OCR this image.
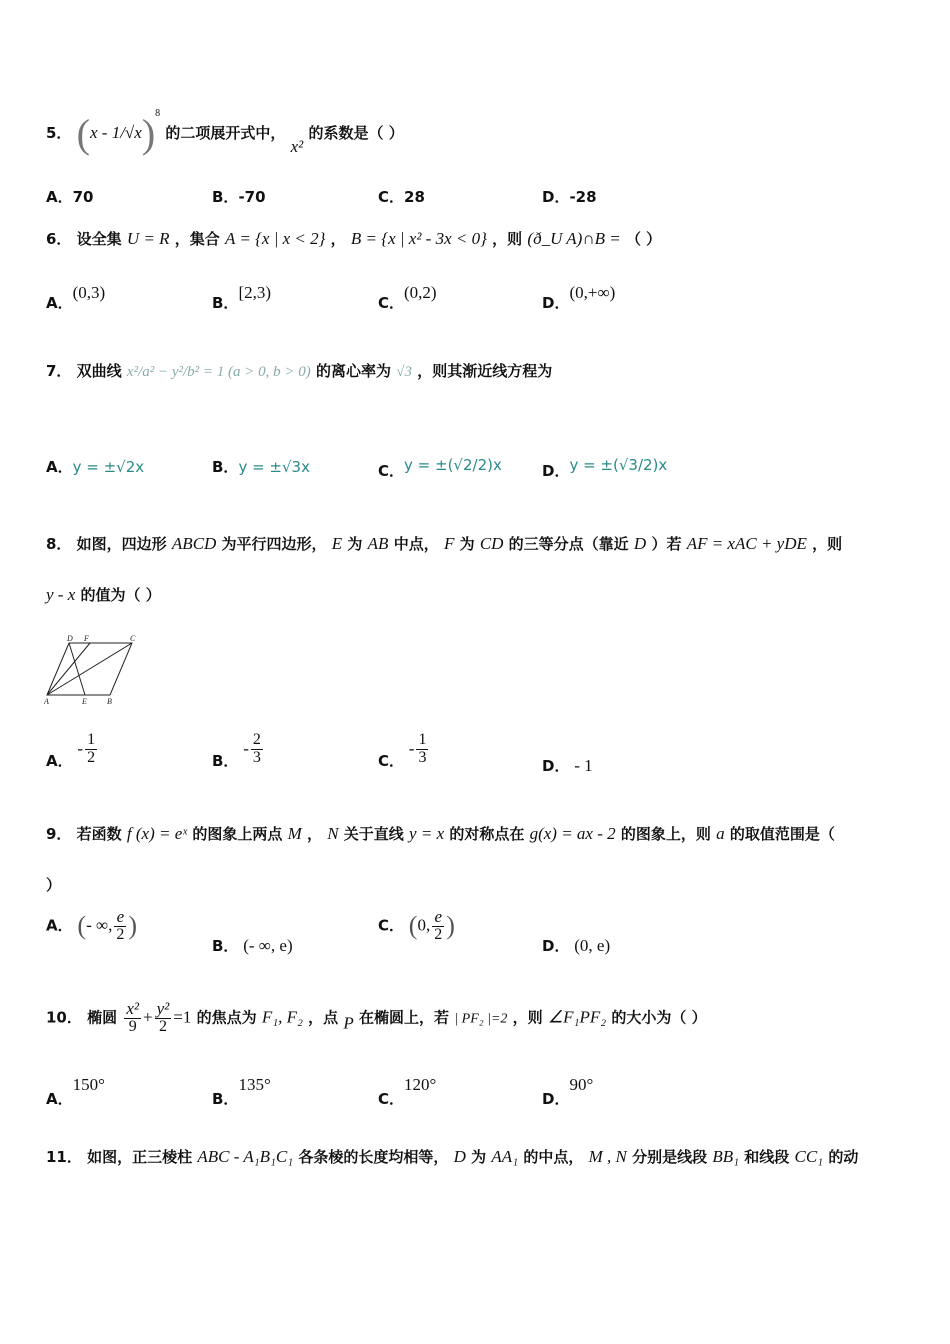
5． (x - 1/√x)$^8$ 的二项展开式中， x² 的系数是（ ）
A．70	B．-70	C．28	D．-28
6． 设全集 U = R ，集合 A = {x | x < 2} ， B = {x | x² - 3x < 0} ，则 (ð_U A)∩B = （ ）
A．(0,3)
B．[2,3)
C．(0,2)
D．(0,+∞)
7． 双曲线 x²/a² − y²/b² = 1 (a > 0, b > 0) 的离心率为 √3 ，则其渐近线方程为
A．y = ±√2x	B．y = ±√3x	C．y = ±(√2/2)x	D．y = ±(√3/2)x
8． 如图，四边形 ABCD 为平行四边形， E 为 AB 中点， F 为 CD 的三等分点（靠近 D ）若 AF = xAC + yDE ，则
y - x 的值为（ ）
D F	C
A	E	B
A． - $\frac{1}{2}$	B． - $\frac{2}{3}$	C． - $\frac{1}{3}$	D． - 1
9． 若函数 f (x) = eˣ 的图象上两点 M ， N 关于直线 y = x 的对称点在 g(x) = ax - 2 的图象上，则 a 的取值范围是（
）
A． (- ∞, $\frac{e}{2}$ )
B． (- ∞, e)
C． (0, $\frac{e}{2}$ )
D． (0, e)
10． 椭圆 $\frac{\text{x²}}{9} + \frac{\text{y²}}{2} =1$ 的焦点为 F₁, F₂ ，点 P 在椭圆上，若 | PF₂ |=2 ，则 ∠F₁PF₂ 的大小为（ ）
A．150°
B．135°
C．120°
D．90°
11． 如图，正三棱柱 ABC - A₁B₁C₁ 各条棱的长度均相等， D 为 AA₁ 的中点， M , N 分别是线段 BB₁ 和线段 CC₁ 的动
